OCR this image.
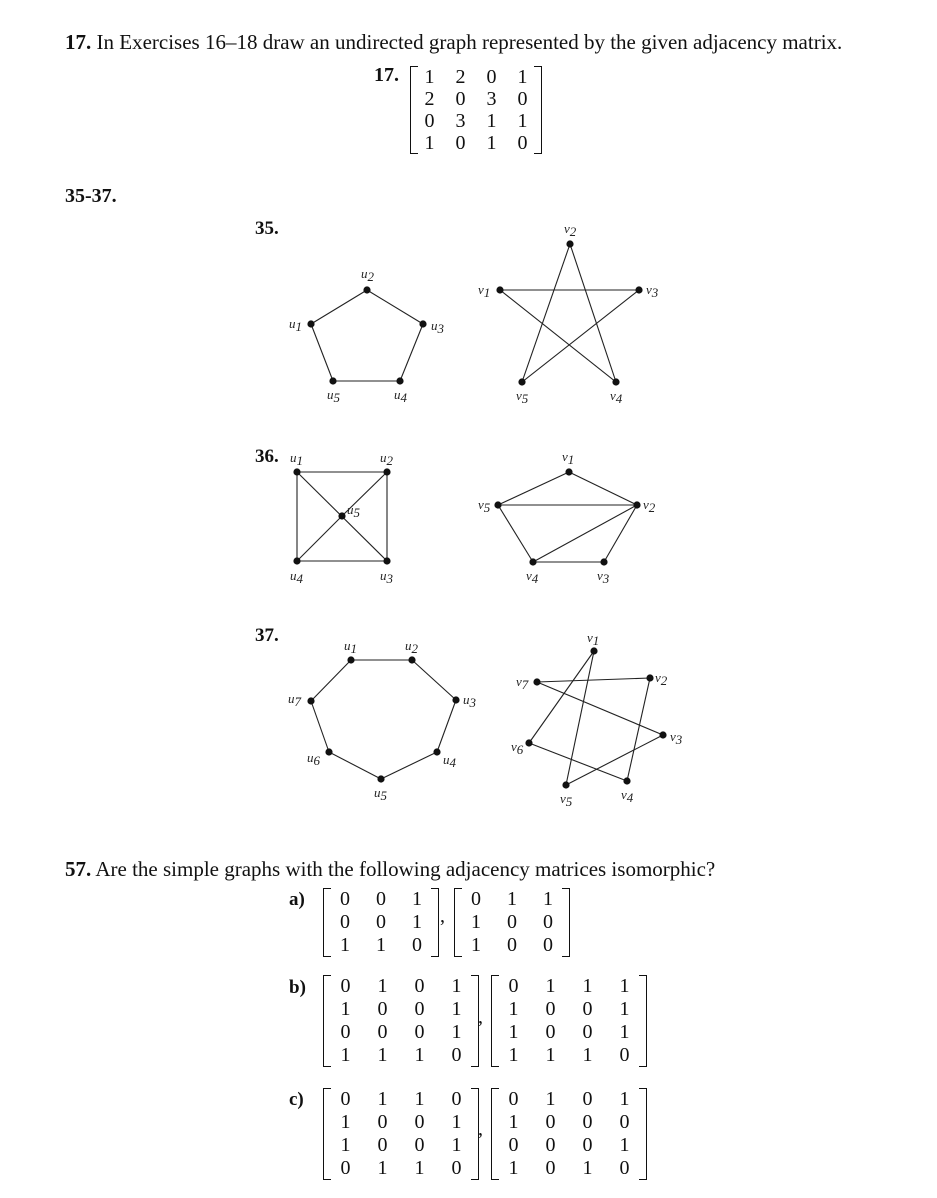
17. In Exercises 16–18 draw an undirected graph represented by the given adjacency matrix.
17. 1	2	0	1
2	0	3	0
0	3	1	1
1	0	1	0
35-37.
35.
36.
37.
u1
u2
u3
u4
u5
v1
v2
v3
v4
v5
u1	u2
u3
u4
u5
v1
v2
v3
v4
v5
u1	u2
u3
u4
u5
u6
u7
v1
v2
v3
v4
v5
v6
v7
57. Are the simple graphs with the following adjacency matrices isomorphic?
a) 0	0	1
0	0	1
1	1	0
,
0	1	1
1	0	0
1	0	0
b) 0	1	0	1
1	0	0	1
0	0	0	1
1	1	1	0
,
0	1	1	1
1	0	0	1
1	0	0	1
1	1	1	0
c) 0	1	1	0
1	0	0	1
1	0	0	1
0	1	1	0
,
0	1	0	1
1	0	0	0
0	0	0	1
1	0	1	0
